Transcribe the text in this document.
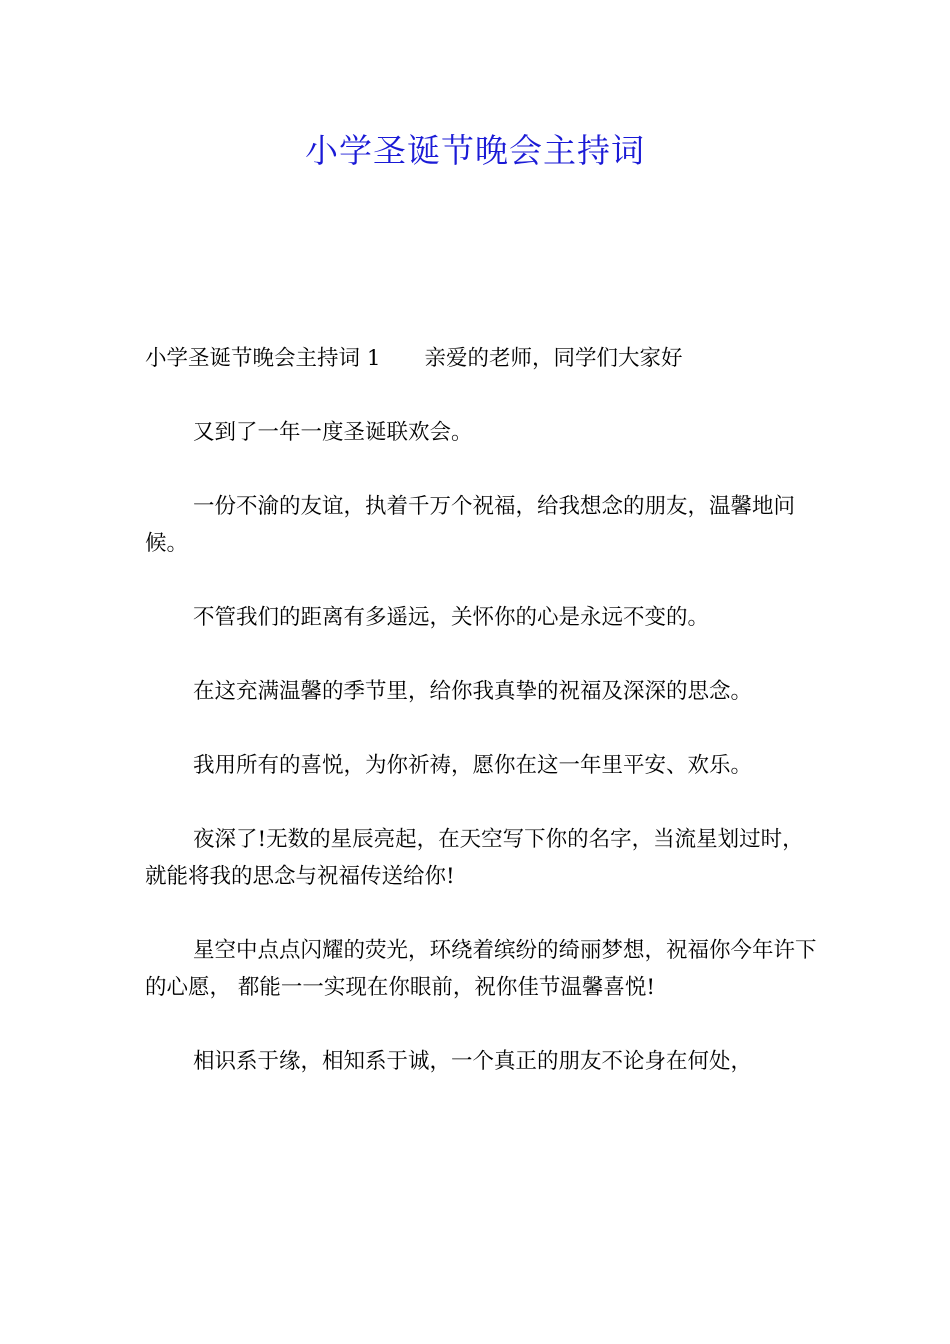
小学圣诞节晚会主持词

小学圣诞节晚会主持词 1 亲爱的老师，同学们大家好

又到了一年一度圣诞联欢会。

一份不渝的友谊，执着千万个祝福，给我想念的朋友，温馨地问候。

不管我们的距离有多遥远，关怀你的心是永远不变的。

在这充满温馨的季节里，给你我真挚的祝福及深深的思念。

我用所有的喜悦，为你祈祷，愿你在这一年里平安、欢乐。

夜深了!无数的星辰亮起，在天空写下你的名字，当流星划过时， 就能将我的思念与祝福传送给你!

星空中点点闪耀的荧光，环绕着缤纷的绮丽梦想，祝福你今年许下的心愿， 都能一一实现在你眼前，祝你佳节温馨喜悦!

相识系于缘，相知系于诚，一个真正的朋友不论身在何处，
